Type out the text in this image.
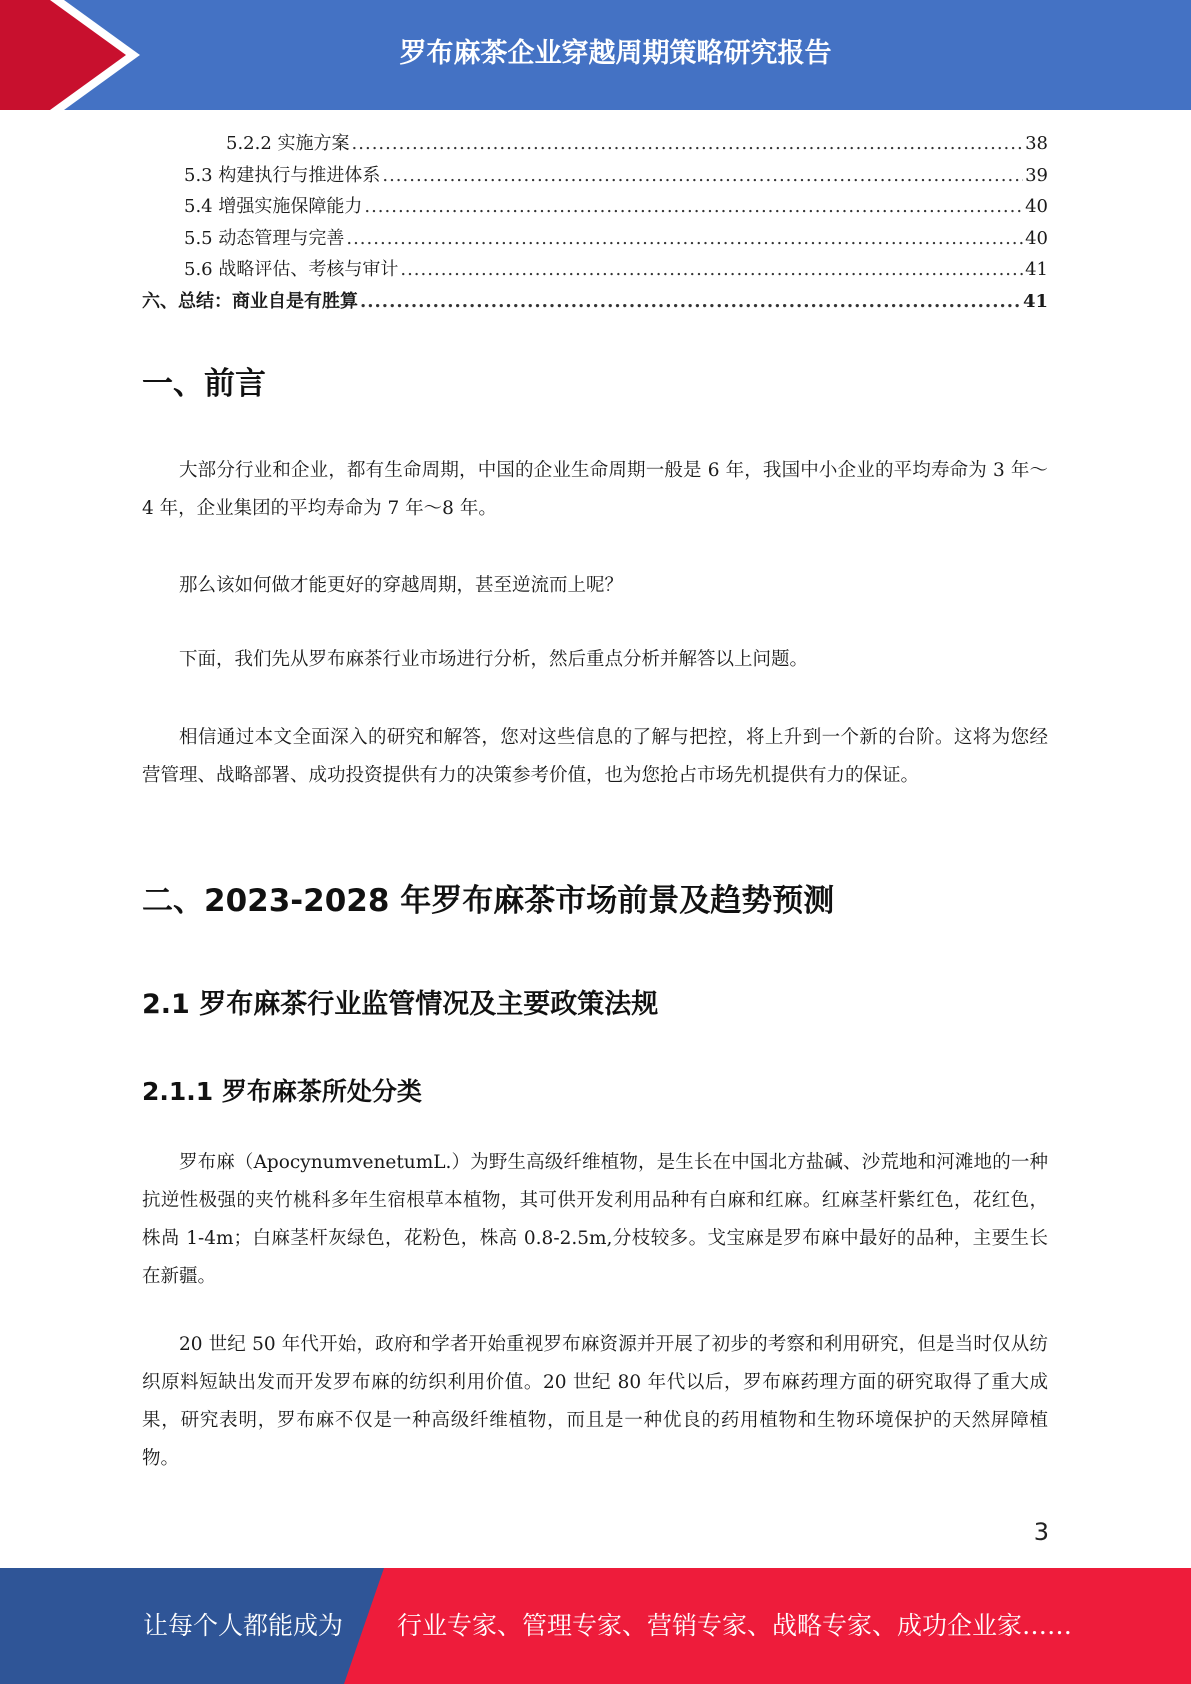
罗布麻茶企业穿越周期策略研究报告
5.2.2 实施方案 .....	38
5.3 构建执行与推进体系 .....	39
5.4 增强实施保障能力 .....	40
5.5 动态管理与完善 .....	40
5.6 战略评估、考核与审计 .....	41
六、总结：商业自是有胜算 .....	41
一、前言

大部分行业和企业，都有生命周期，中国的企业生命周期一般是 6 年，我国中小企业的平均寿命为 3 年～4 年，企业集团的平均寿命为 7 年～8 年。

那么该如何做才能更好的穿越周期，甚至逆流而上呢？

下面，我们先从罗布麻茶行业市场进行分析，然后重点分析并解答以上问题。

相信通过本文全面深入的研究和解答，您对这些信息的了解与把控，将上升到一个新的台阶。这将为您经营管理、战略部署、成功投资提供有力的决策参考价值，也为您抢占市场先机提供有力的保证。

二、2023-2028 年罗布麻茶市场前景及趋势预测
2.1 罗布麻茶行业监管情况及主要政策法规
2.1.1 罗布麻茶所处分类

罗布麻（ApocynumvenetumL.）为野生高级纤维植物，是生长在中国北方盐碱、沙荒地和河滩地的一种抗逆性极强的夹竹桃科多年生宿根草本植物，其可供开发利用品种有白麻和红麻。红麻茎杆紫红色，花红色，株咼 1-4m；白麻茎杆灰绿色，花粉色，株高 0.8-2.5m,分枝较多。戈宝麻是罗布麻中最好的品种，主要生长在新疆。

20 世纪 50 年代开始，政府和学者开始重视罗布麻资源并开展了初步的考察和利用研究，但是当时仅从纺织原料短缺出发而开发罗布麻的纺织利用价值。20 世纪 80 年代以后，罗布麻药理方面的研究取得了重大成果，研究表明，罗布麻不仅是一种高级纤维植物，而且是一种优良的药用植物和生物环境保护的天然屏障植物。

3
让每个人都能成为 行业专家、管理专家、营销专家、战略专家、成功企业家……
